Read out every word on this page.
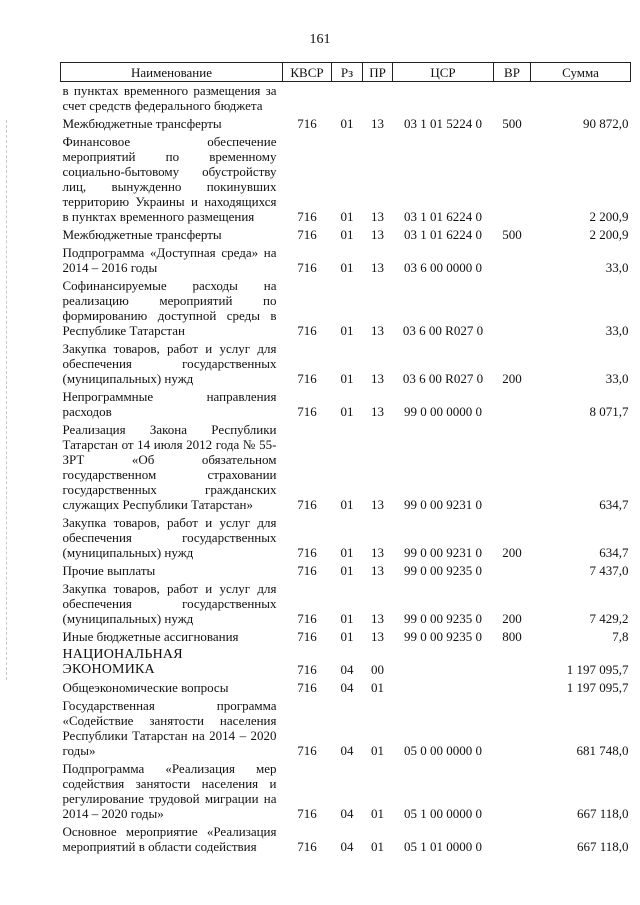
161
Наименование	КВСР	Рз	ПР	ЦСР	ВР	Сумма
в пунктах временного размещения за счет средств федерального бюджета						
Межбюджетные трансферты	716	01	13	03 1 01 5224 0	500	90 872,0
Финансовое обеспечение мероприятий по временному социально-бытовому обустройству лиц, вынужденно покинувших территорию Украины и находящихся в пунктах временного размещения	716	01	13	03 1 01 6224 0		2 200,9
Межбюджетные трансферты	716	01	13	03 1 01 6224 0	500	2 200,9
Подпрограмма «Доступная среда» на 2014 – 2016 годы	716	01	13	03 6 00 0000 0		33,0
Софинансируемые расходы на реализацию мероприятий по формированию доступной среды в Республике Татарстан	716	01	13	03 6 00 R027 0		33,0
Закупка товаров, работ и услуг для обеспечения государственных (муниципальных) нужд	716	01	13	03 6 00 R027 0	200	33,0
Непрограммные направления расходов	716	01	13	99 0 00 0000 0		8 071,7
Реализация Закона Республики Татарстан от 14 июля 2012 года № 55-ЗРТ «Об обязательном государственном страховании государственных гражданских служащих Республики Татарстан»	716	01	13	99 0 00 9231 0		634,7
Закупка товаров, работ и услуг для обеспечения государственных (муниципальных) нужд	716	01	13	99 0 00 9231 0	200	634,7
Прочие выплаты	716	01	13	99 0 00 9235 0		7 437,0
Закупка товаров, работ и услуг для обеспечения государственных (муниципальных) нужд	716	01	13	99 0 00 9235 0	200	7 429,2
Иные бюджетные ассигнования	716	01	13	99 0 00 9235 0	800	7,8
НАЦИОНАЛЬНАЯ ЭКОНОМИКА	716	04	00			1 197 095,7
Общеэкономические вопросы	716	04	01			1 197 095,7
Государственная программа «Содействие занятости населения Республики Татарстан на 2014 – 2020 годы»	716	04	01	05 0 00 0000 0		681 748,0
Подпрограмма «Реализация мер содействия занятости населения и регулирование трудовой миграции на 2014 – 2020 годы»	716	04	01	05 1 00 0000 0		667 118,0
Основное мероприятие «Реализация мероприятий в области содействия	716	04	01	05 1 01 0000 0		667 118,0
